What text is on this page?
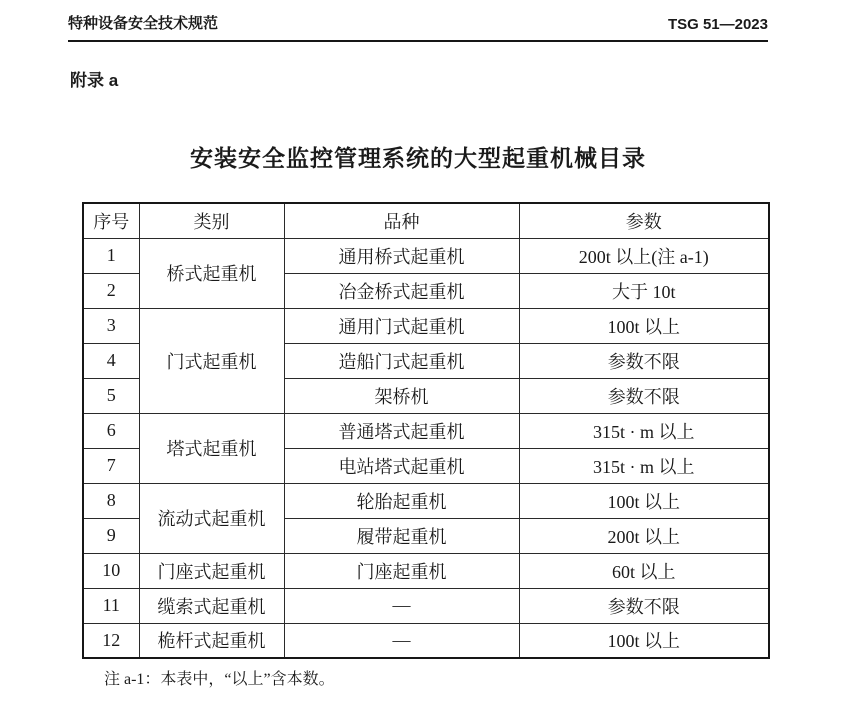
特种设备安全技术规范	TSG 51—2023
附录 a
安装安全监控管理系统的大型起重机械目录
序号	类别	品种	参数
1	桥式起重机	通用桥式起重机	200t 以上(注 a-1)
2		冶金桥式起重机	大于 10t
3	门式起重机	通用门式起重机	100t 以上
4		造船门式起重机	参数不限
5		架桥机	参数不限
6	塔式起重机	普通塔式起重机	315t · m 以上
7		电站塔式起重机	315t · m 以上
8	流动式起重机	轮胎起重机	100t 以上
9		履带起重机	200t 以上
10	门座式起重机	门座起重机	60t 以上
11	缆索式起重机	—	参数不限
12	桅杆式起重机	—	100t 以上
注 a-1：本表中，“以上”含本数。
